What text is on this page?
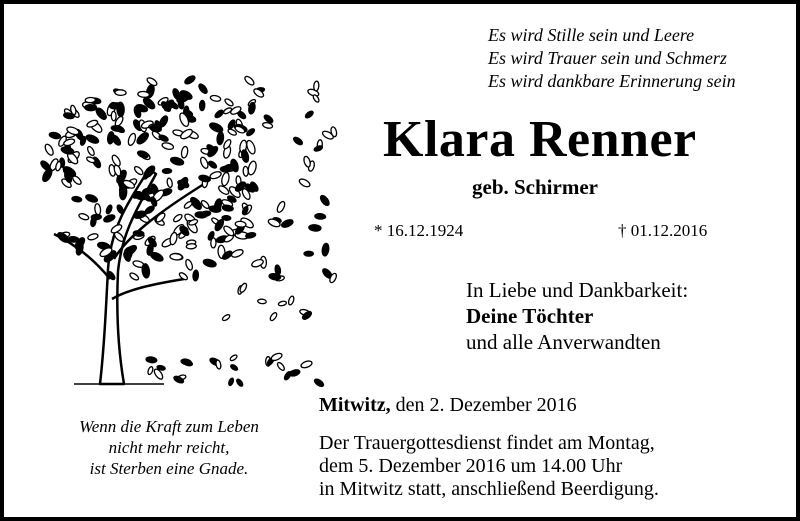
Es wird Stille sein und Leere
Es wird Trauer sein und Schmerz
Es wird dankbare Erinnerung sein
Klara Renner
geb. Schirmer
* 16.12.1924	† 01.12.2016
In Liebe und Dankbarkeit:
Deine Töchter
und alle Anverwandten
Mitwitz, den 2. Dezember 2016
Der Trauergottesdienst findet am Montag,
dem 5. Dezember 2016 um 14.00 Uhr
in Mitwitz statt, anschließend Beerdigung.
Wenn die Kraft zum Leben
nicht mehr reicht,
ist Sterben eine Gnade.
